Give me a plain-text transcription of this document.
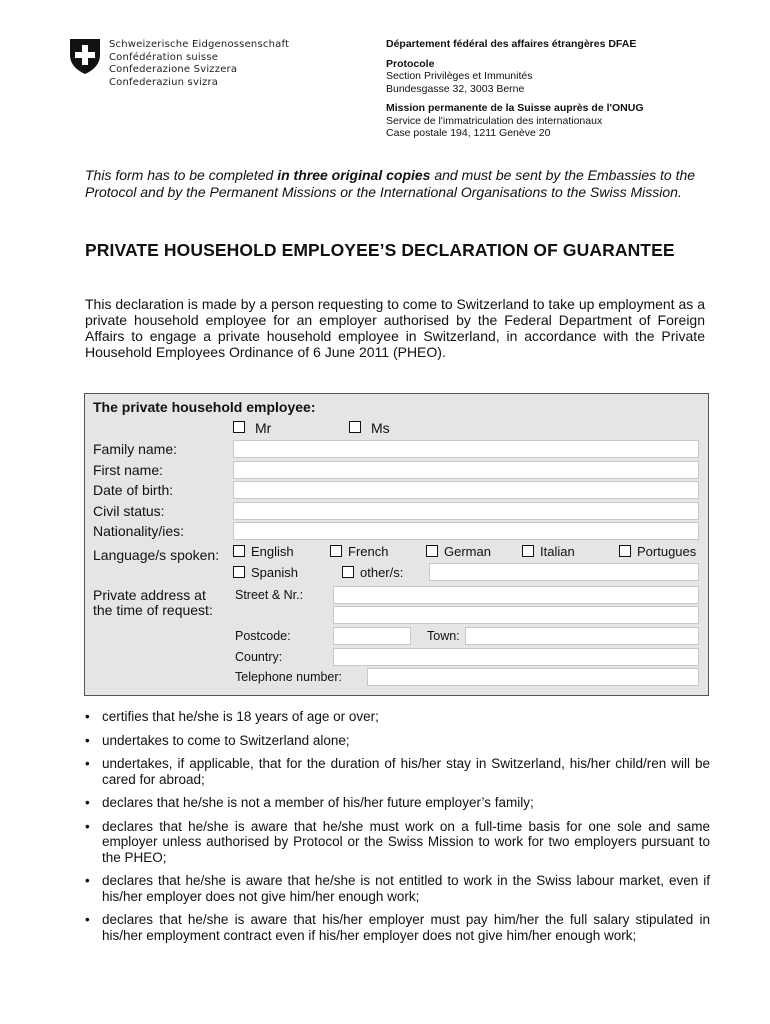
Schweizerische Eidgenossenschaft
Confédération suisse
Confederazione Svizzera
Confederaziun svizra
Département fédéral des affaires étrangères DFAE
Protocole
Section Privilèges et Immunités
Bundesgasse 32, 3003 Berne
Mission permanente de la Suisse auprès de l'ONUG
Service de l'immatriculation des internationaux
Case postale 194, 1211 Genève 20
This form has to be completed in three original copies and must be sent by the Embassies to the Protocol and by the Permanent Missions or the International Organisations to the Swiss Mission.
PRIVATE HOUSEHOLD EMPLOYEE’S DECLARATION OF GUARANTEE
This declaration is made by a person requesting to come to Switzerland to take up employment as a private household employee for an employer authorised by the Federal Department of Foreign Affairs to engage a private household employee in Switzerland, in accordance with the Private Household Employees Ordinance of 6 June 2011 (PHEO).
The private household employee:
Mr	Ms
Family name:
First name:
Date of birth:
Civil status:
Nationality/ies:
Language/s spoken: English	French	German	Italian	Portugues
Spanish	other/s:
Private address at
the time of request:
Street & Nr.:
Postcode:	Town:
Country:
Telephone number:
• certifies that he/she is 18 years of age or over;
• undertakes to come to Switzerland alone;
• undertakes, if applicable, that for the duration of his/her stay in Switzerland, his/her child/ren will be cared for abroad;
• declares that he/she is not a member of his/her future employer’s family;
• declares that he/she is aware that he/she must work on a full-time basis for one sole and same employer unless authorised by Protocol or the Swiss Mission to work for two employers pursuant to the PHEO;
• declares that he/she is aware that he/she is not entitled to work in the Swiss labour market, even if his/her employer does not give him/her enough work;
• declares that he/she is aware that his/her employer must pay him/her the full salary stipulated in his/her employment contract even if his/her employer does not give him/her enough work;
